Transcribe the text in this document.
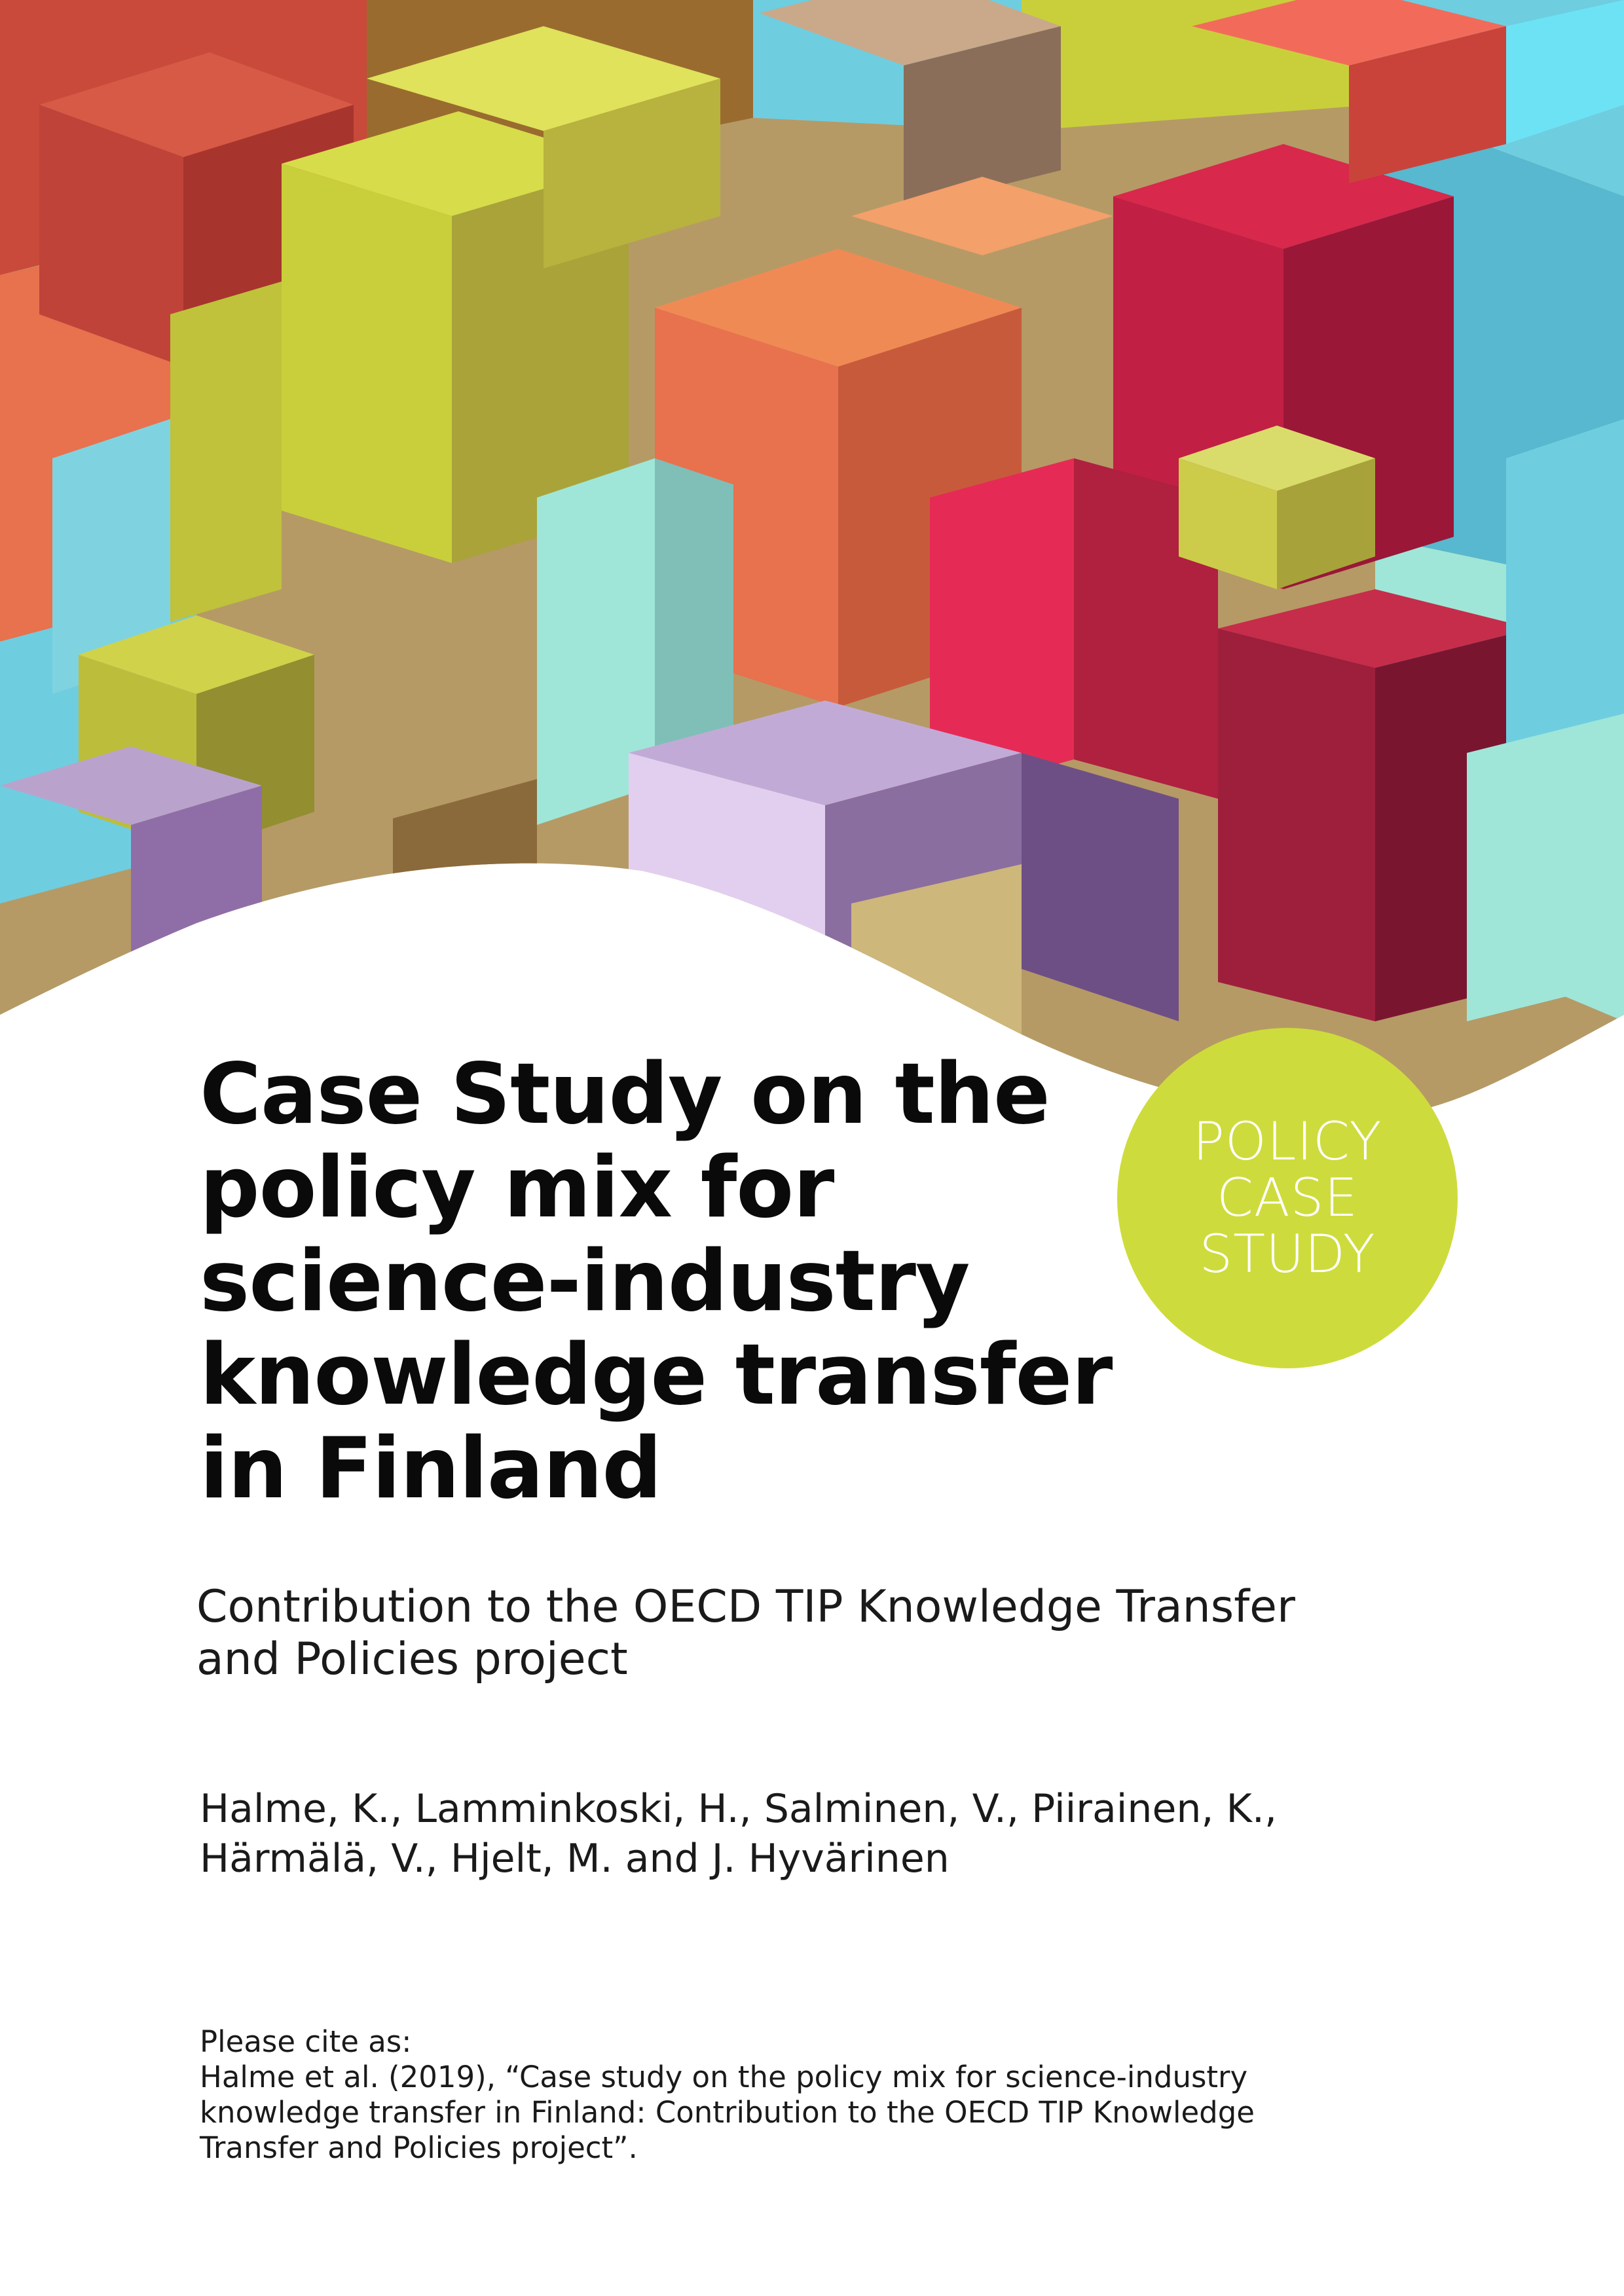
POLICY
CASE
STUDY
Case Study on the
policy mix for
science-industry
knowledge transfer
in Finland

Contribution to the OECD TIP Knowledge Transfer
and Policies project

Halme, K., Lamminkoski, H., Salminen, V., Piirainen, K.,
Härmälä, V., Hjelt, M. and J. Hyvärinen

Please cite as:
Halme et al. (2019), “Case study on the policy mix for science-industry
knowledge transfer in Finland: Contribution to the OECD TIP Knowledge
Transfer and Policies project”.
